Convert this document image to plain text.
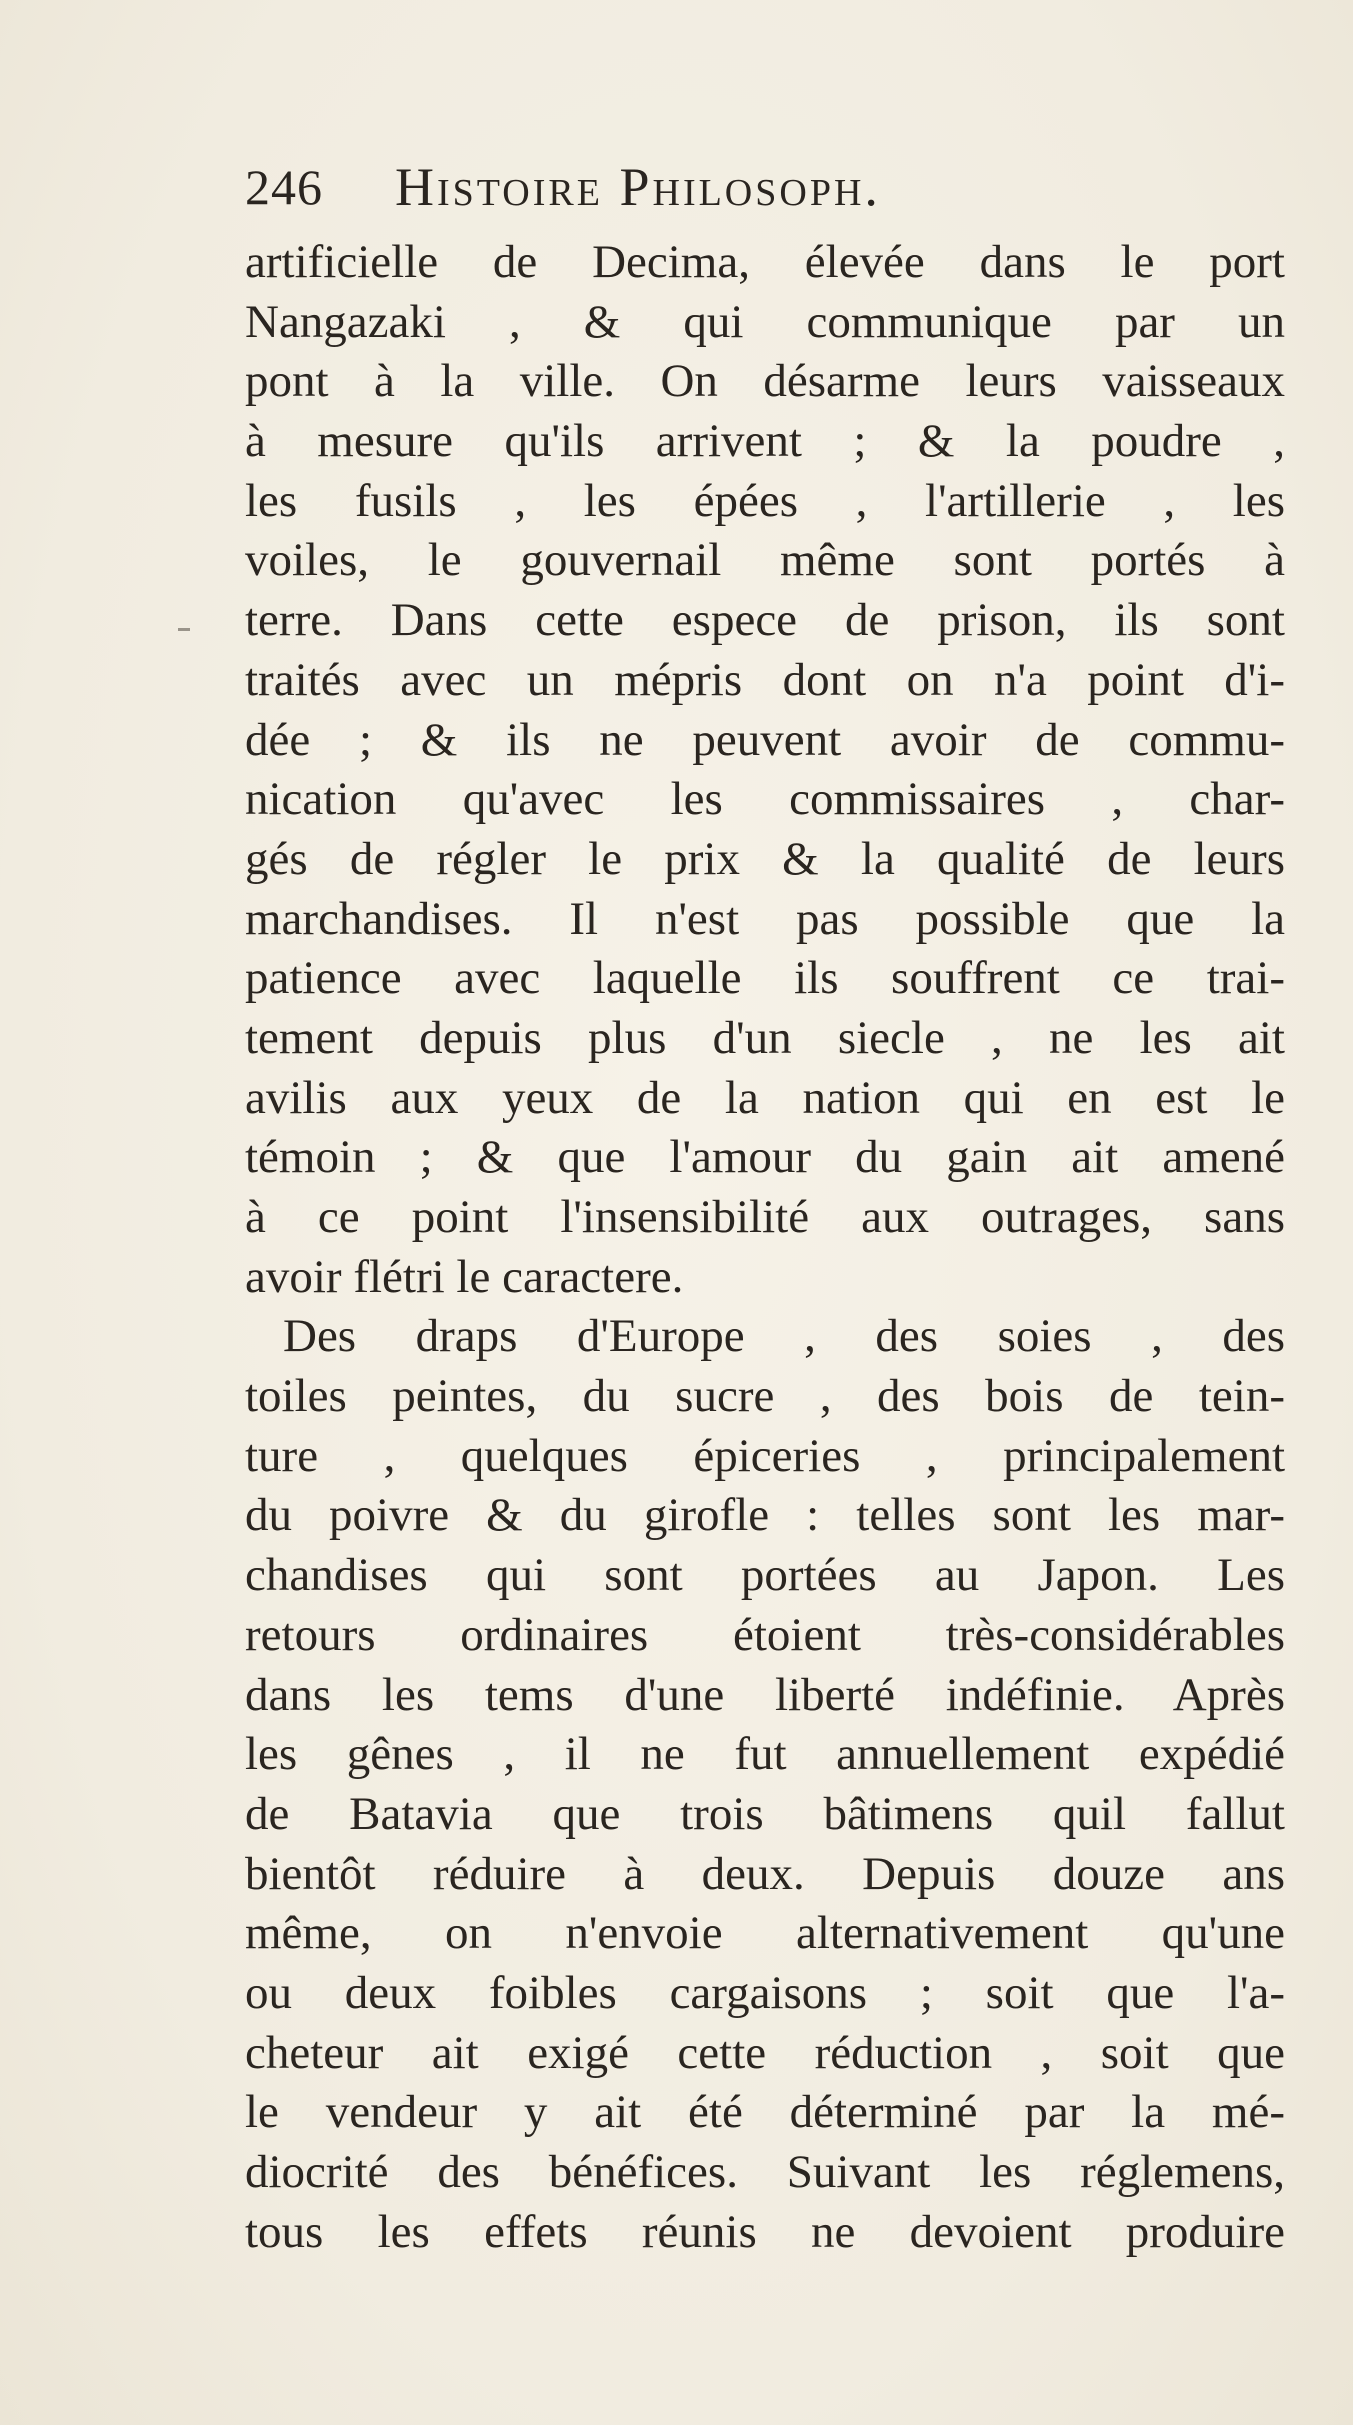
246 Histoire Philosoph.
artificielle de Decima, élevée dans le port
Nangazaki , & qui communique par un
pont à la ville. On désarme leurs vaisseaux
à mesure qu'ils arrivent ; & la poudre ,
les fusils , les épées , l'artillerie , les
voiles, le gouvernail même sont portés à
terre. Dans cette espece de prison, ils sont
traités avec un mépris dont on n'a point d'i-
dée ; & ils ne peuvent avoir de commu-
nication qu'avec les commissaires , char-
gés de régler le prix & la qualité de leurs
marchandises. Il n'est pas possible que la
patience avec laquelle ils souffrent ce trai-
tement depuis plus d'un siecle , ne les ait
avilis aux yeux de la nation qui en est le
témoin ; & que l'amour du gain ait amené
à ce point l'insensibilité aux outrages, sans
avoir flétri le caractere.
Des draps d'Europe , des soies , des
toiles peintes, du sucre , des bois de tein-
ture , quelques épiceries , principalement
du poivre & du girofle : telles sont les mar-
chandises qui sont portées au Japon. Les
retours ordinaires étoient très-considérables
dans les tems d'une liberté indéfinie. Après
les gênes , il ne fut annuellement expédié
de Batavia que trois bâtimens quil fallut
bientôt réduire à deux. Depuis douze ans
même, on n'envoie alternativement qu'une
ou deux foibles cargaisons ; soit que l'a-
cheteur ait exigé cette réduction , soit que
le vendeur y ait été déterminé par la mé-
diocrité des bénéfices. Suivant les réglemens,
tous les effets réunis ne devoient produire
